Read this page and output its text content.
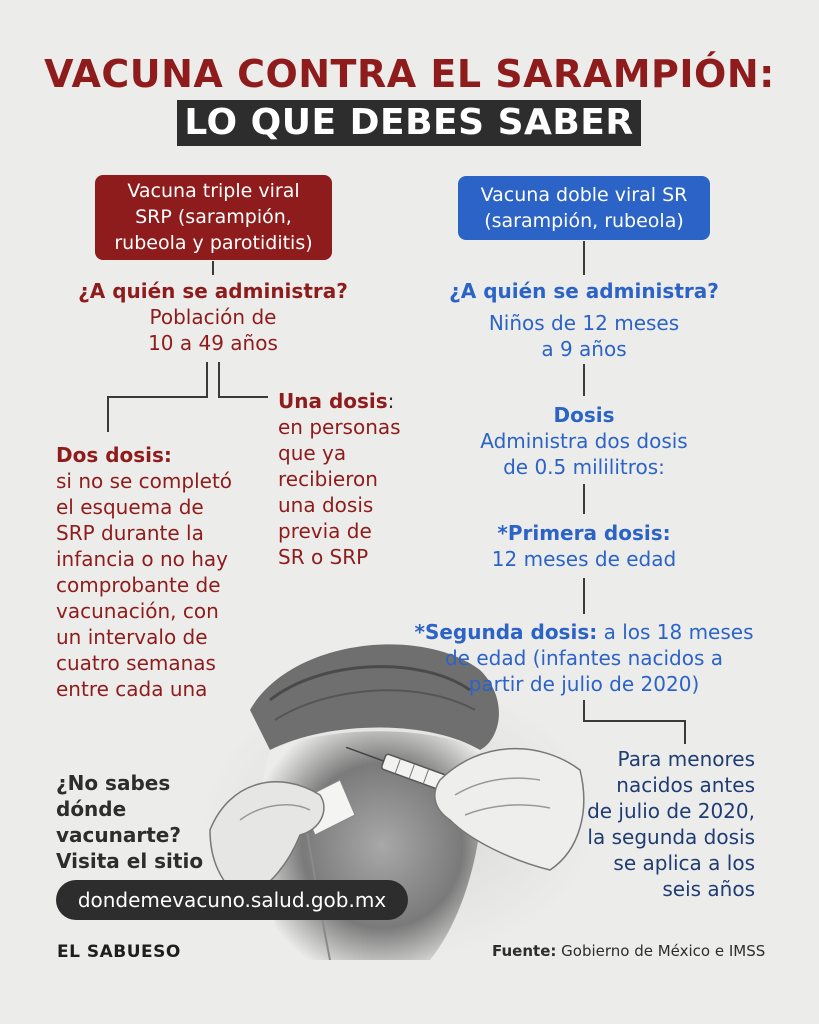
VACUNA CONTRA EL SARAMPIÓN:
LO QUE DEBES SABER
Vacuna triple viral
SRP (sarampión,
rubeola y parotiditis)
¿A quién se administra?
Población de
10 a 49 años
Dos dosis:
si no se completó
el esquema de
SRP durante la
infancia o no hay
comprobante de
vacunación, con
un intervalo de
cuatro semanas
entre cada una
Una dosis:
en personas
que ya
recibieron
una dosis
previa de
SR o SRP
Vacuna doble viral SR
(sarampión, rubeola)
¿A quién se administra?
Niños de 12 meses
a 9 años
Dosis
Administra dos dosis
de 0.5 mililitros:
*Primera dosis:
12 meses de edad
*Segunda dosis: a los 18 meses
de edad (infantes nacidos a
partir de julio de 2020)
Para menores
nacidos antes
de julio de 2020,
la segunda dosis
se aplica a los
seis años
¿No sabes
dónde
vacunarte?
Visita el sitio
dondemevacuno.salud.gob.mx
EL SABUESO	Fuente: Gobierno de México e IMSS
